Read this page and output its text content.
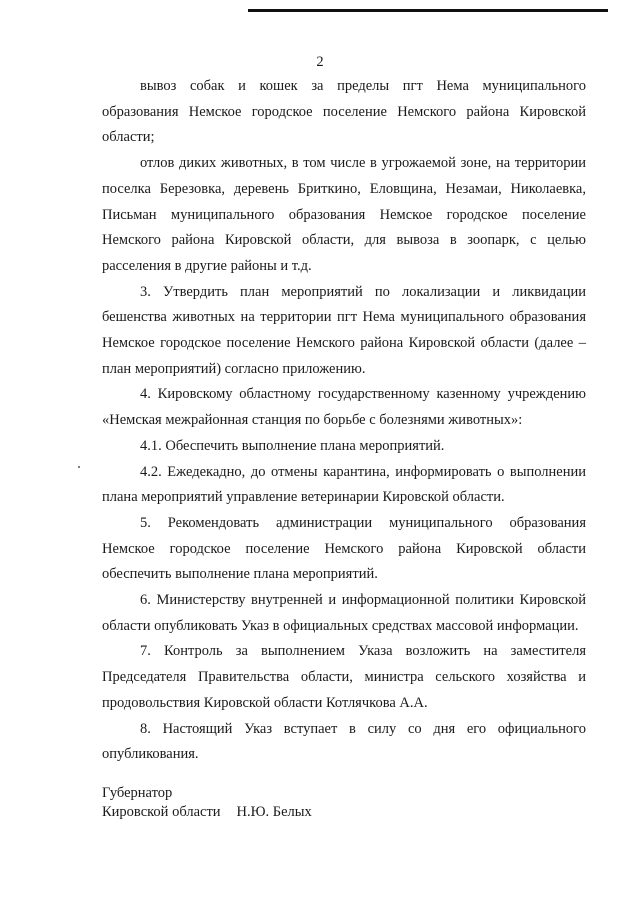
2

вывоз собак и кошек за пределы пгт Нема муниципального образования Немское городское поселение Немского района Кировской области;

отлов диких животных, в том числе в угрожаемой зоне, на территории поселка Березовка, деревень Бриткино, Еловщина, Незамаи, Николаевка, Письман муниципального образования Немское городское поселение Немского района Кировской области, для вывоза в зоопарк, с целью расселения в другие районы и т.д.

3. Утвердить план мероприятий по локализации и ликвидации бешенства животных на территории пгт Нема муниципального образования Немское городское поселение Немского района Кировской области (далее – план мероприятий) согласно приложению.

4. Кировскому областному государственному казенному учреждению «Немская межрайонная станция по борьбе с болезнями животных»:

4.1. Обеспечить выполнение плана мероприятий.

4.2. Ежедекадно, до отмены карантина, информировать о выполнении плана мероприятий управление ветеринарии Кировской области.

5. Рекомендовать администрации муниципального образования Немское городское поселение Немского района Кировской области обеспечить выполнение плана мероприятий.

6. Министерству внутренней и информационной политики Кировской области опубликовать Указ в официальных средствах массовой информации.

7. Контроль за выполнением Указа возложить на заместителя Председателя Правительства области, министра сельского хозяйства и продовольствия Кировской области Котлячкова А.А.

8. Настоящий Указ вступает в силу со дня его официального опубликования.

Губернатор
Кировской области Н.Ю. Белых
